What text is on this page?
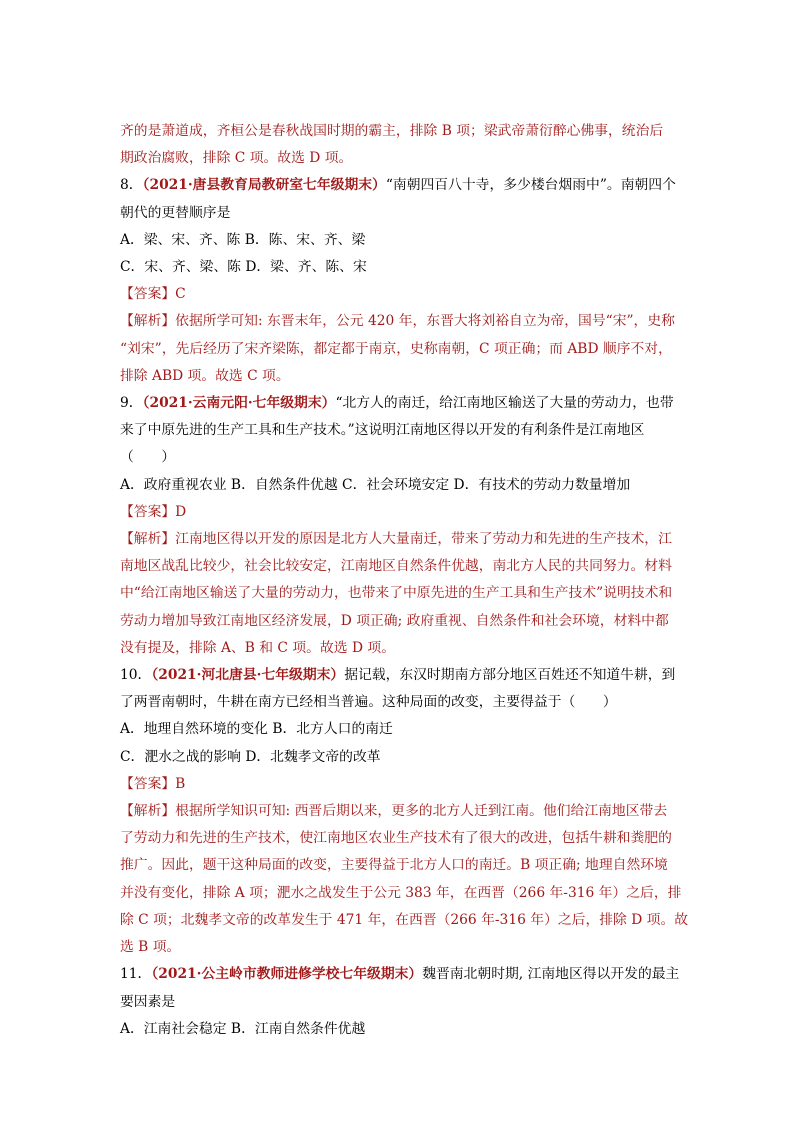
齐的是萧道成，齐桓公是春秋战国时期的霸主，排除 B 项；梁武帝萧衍醉心佛事，统治后
期政治腐败，排除 C 项。故选 D 项。
8．（2021·唐县教育局教研室七年级期末）“南朝四百八十寺，多少楼台烟雨中”。南朝四个
朝代的更替顺序是
A．梁、宋、齐、陈 B．陈、宋、齐、梁
C．宋、齐、梁、陈 D．梁、齐、陈、宋
【答案】C
【解析】依据所学可知: 东晋末年，公元 420 年，东晋大将刘裕自立为帝，国号“宋”，史称
“刘宋”，先后经历了宋齐梁陈，都定都于南京，史称南朝，C 项正确；而 ABD 顺序不对，
排除 ABD 项。故选 C 项。
9．（2021·云南元阳·七年级期末）“北方人的南迁，给江南地区输送了大量的劳动力，也带
来了中原先进的生产工具和生产技术。”这说明江南地区得以开发的有利条件是江南地区
（　　）
A．政府重视农业 B．自然条件优越 C．社会环境安定 D．有技术的劳动力数量增加
【答案】D
【解析】江南地区得以开发的原因是北方人大量南迁，带来了劳动力和先进的生产技术，江
南地区战乱比较少，社会比较安定，江南地区自然条件优越，南北方人民的共同努力。材料
中“给江南地区输送了大量的劳动力，也带来了中原先进的生产工具和生产技术”说明技术和
劳动力增加导致江南地区经济发展，D 项正确; 政府重视、自然条件和社会环境，材料中都
没有提及，排除 A、B 和 C 项。故选 D 项。
10．（2021·河北唐县·七年级期末）据记载，东汉时期南方部分地区百姓还不知道牛耕，到
了两晋南朝时，牛耕在南方已经相当普遍。这种局面的改变，主要得益于（　　）
A．地理自然环境的变化 B．北方人口的南迁
C．淝水之战的影响 D．北魏孝文帝的改革
【答案】B
【解析】根据所学知识可知: 西晋后期以来，更多的北方人迁到江南。他们给江南地区带去
了劳动力和先进的生产技术，使江南地区农业生产技术有了很大的改进，包括牛耕和粪肥的
推广。因此，题干这种局面的改变，主要得益于北方人口的南迁。B 项正确; 地理自然环境
并没有变化，排除 A 项；淝水之战发生于公元 383 年，在西晋（266 年-316 年）之后，排
除 C 项；北魏孝文帝的改革发生于 471 年，在西晋（266 年-316 年）之后，排除 D 项。故
选 B 项。
11．（2021·公主岭市教师进修学校七年级期末）魏晋南北朝时期, 江南地区得以开发的最主
要因素是
A．江南社会稳定 B．江南自然条件优越
